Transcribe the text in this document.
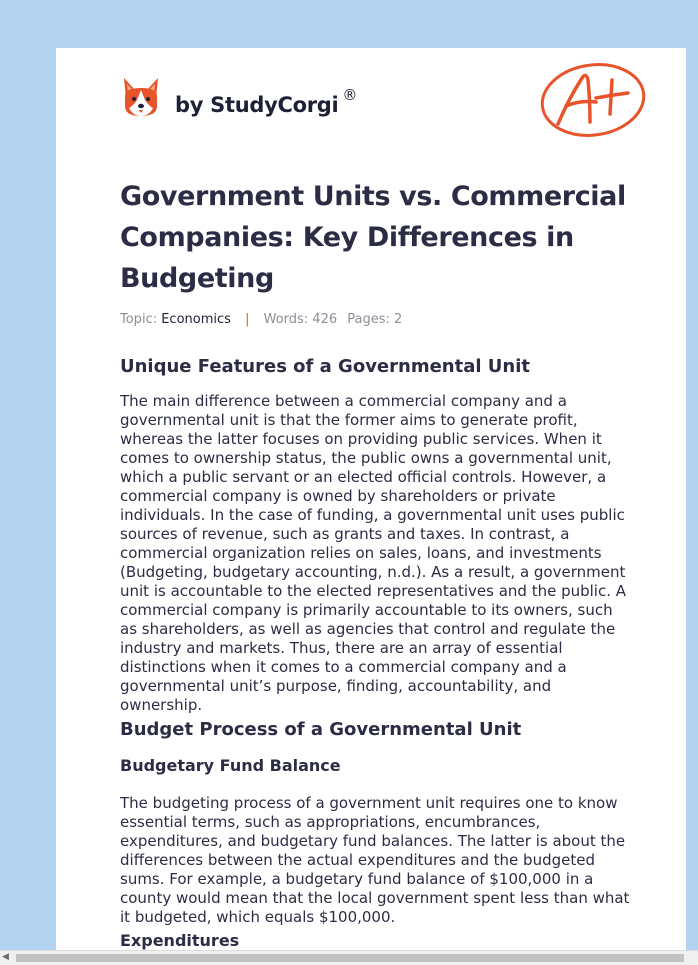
by StudyCorgi ®
Government Units vs. Commercial Companies: Key Differences in Budgeting
Topic: Economics | Words: 426 Pages: 2
Unique Features of a Governmental Unit

The main difference between a commercial company and a governmental unit is that the former aims to generate profit, whereas the latter focuses on providing public services. When it comes to ownership status, the public owns a governmental unit, which a public servant or an elected official controls. However, a commercial company is owned by shareholders or private individuals. In the case of funding, a governmental unit uses public sources of revenue, such as grants and taxes. In contrast, a commercial organization relies on sales, loans, and investments (Budgeting, budgetary accounting, n.d.). As a result, a government unit is accountable to the elected representatives and the public. A commercial company is primarily accountable to its owners, such as shareholders, as well as agencies that control and regulate the industry and markets. Thus, there are an array of essential distinctions when it comes to a commercial company and a governmental unit’s purpose, finding, accountability, and ownership.

Budget Process of a Governmental Unit
Budgetary Fund Balance

The budgeting process of a government unit requires one to know essential terms, such as appropriations, encumbrances, expenditures, and budgetary fund balances. The latter is about the differences between the actual expenditures and the budgeted sums. For example, a budgetary fund balance of $100,000 in a county would mean that the local government spent less than what it budgeted, which equals $100,000.

Expenditures
◀
